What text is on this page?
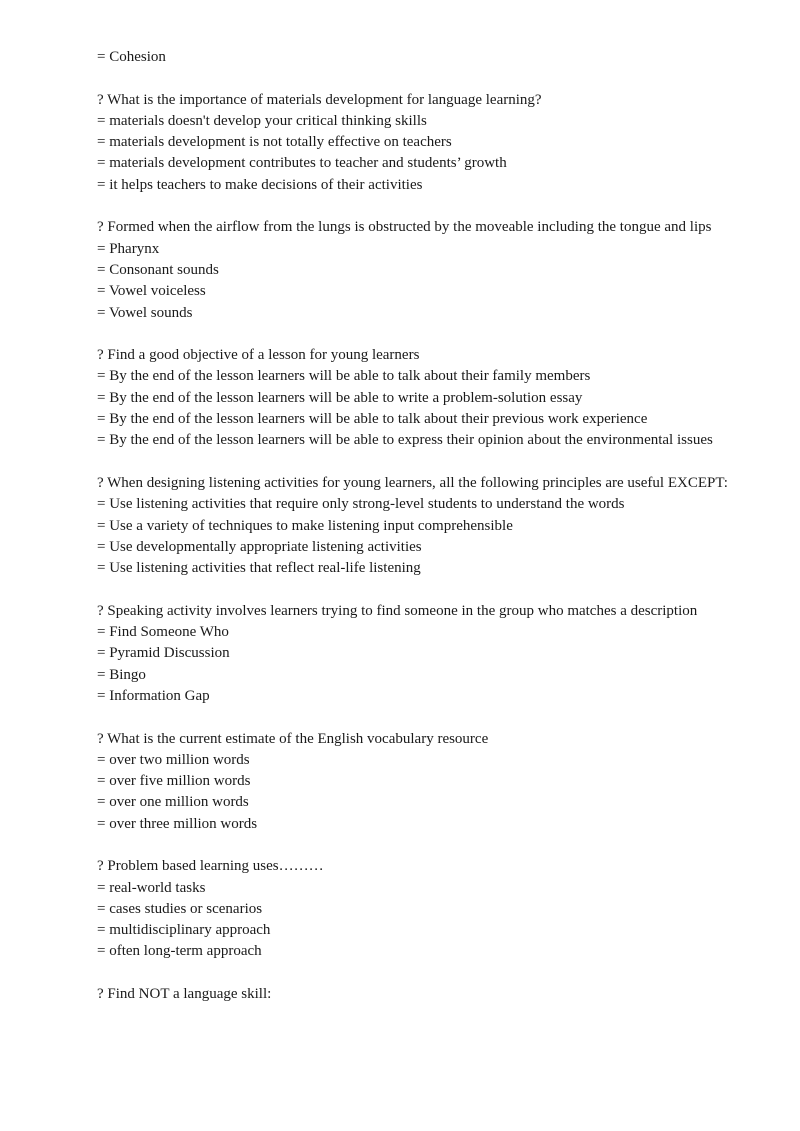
= Cohesion
? What is the importance of materials development for language learning?
= materials doesn't develop your critical thinking skills
= materials development is not totally effective on teachers
= materials development contributes to teacher and students’ growth
= it helps teachers to make decisions of their activities
? Formed when the airflow from the lungs is obstructed by the moveable including the tongue and lips
= Pharynx
= Consonant sounds
= Vowel voiceless
= Vowel sounds
? Find a good objective of a lesson for young learners
= By the end of the lesson learners will be able to talk about their family members
= By the end of the lesson learners will be able to write a problem-solution essay
= By the end of the lesson learners will be able to talk about their previous work experience
= By the end of the lesson learners will be able to express their opinion about the environmental issues
? When designing listening activities for young learners, all the following principles are useful EXCEPT:
= Use listening activities that require only strong-level students to understand the words
= Use a variety of techniques to make listening input comprehensible
= Use developmentally appropriate listening activities
= Use listening activities that reflect real-life listening
? Speaking activity involves learners trying to find someone in the group who matches a description
= Find Someone Who
= Pyramid Discussion
= Bingo
= Information Gap
? What is the current estimate of the English vocabulary resource
= over two million words
= over five million words
= over one million words
= over three million words
? Problem based learning uses………
= real-world tasks
= cases studies or scenarios
= multidisciplinary approach
= often long-term approach
? Find NOT a language skill:
